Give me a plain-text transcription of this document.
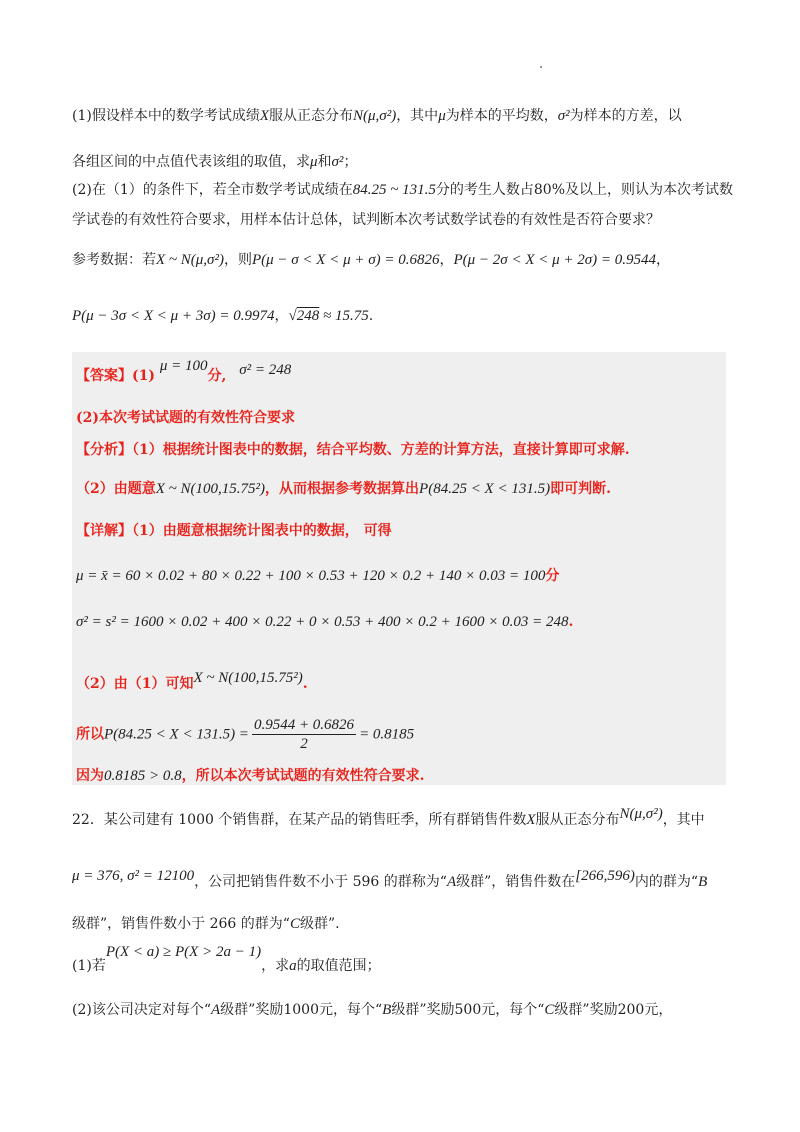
(1)假设样本中的数学考试成绩X服从正态分布N(μ,σ²)，其中μ为样本的平均数，σ²为样本的方差，以
各组区间的中点值代表该组的取值，求μ和σ²；
(2)在（1）的条件下，若全市数学考试成绩在84.25 ~ 131.5分的考生人数占80%及以上，则认为本次考试数
学试卷的有效性符合要求，用样本估计总体，试判断本次考试数学试卷的有效性是否符合要求？
参考数据：若X ~ N(μ,σ²)，则P(μ − σ < X < μ + σ) = 0.6826，P(μ − 2σ < X < μ + 2σ) = 0.9544，
P(μ − 3σ < X < μ + 3σ) = 0.9974，√248 ≈ 15.75.
【答案】(1) μ = 100分, σ² = 248
(2)本次考试试题的有效性符合要求
【分析】（1）根据统计图表中的数据，结合平均数、方差的计算方法，直接计算即可求解.
（2）由题意X ~ N(100,15.75²)，从而根据参考数据算出P(84.25 < X < 131.5)即可判断.
【详解】（1）由题意根据统计图表中的数据， 可得
μ = x̄ = 60 × 0.02 + 80 × 0.22 + 100 × 0.53 + 120 × 0.2 + 140 × 0.03 = 100分
σ² = s² = 1600 × 0.02 + 400 × 0.22 + 0 × 0.53 + 400 × 0.2 + 1600 × 0.03 = 248.
（2）由（1）可知X ~ N(100,15.75²).
所以$P(84.25 < X < 131.5) = \frac{0.9544 + 0.6826}{2} = 0.8185$
因为0.8185 > 0.8，所以本次考试试题的有效性符合要求.
22．某公司建有 1000 个销售群，在某产品的销售旺季，所有群销售件数X服从正态分布N(μ,σ²)，其中
μ = 376, σ² = 12100，公司把销售件数不小于 596 的群称为“A级群”，销售件数在[266,596)内的群为“B
级群”，销售件数小于 266 的群为“C级群”.
(1)若P(X < a) ≥ P(X > 2a − 1)，求a的取值范围；
(2)该公司决定对每个“A级群”奖励1000元，每个“B级群”奖励500元，每个“C级群”奖励200元，
